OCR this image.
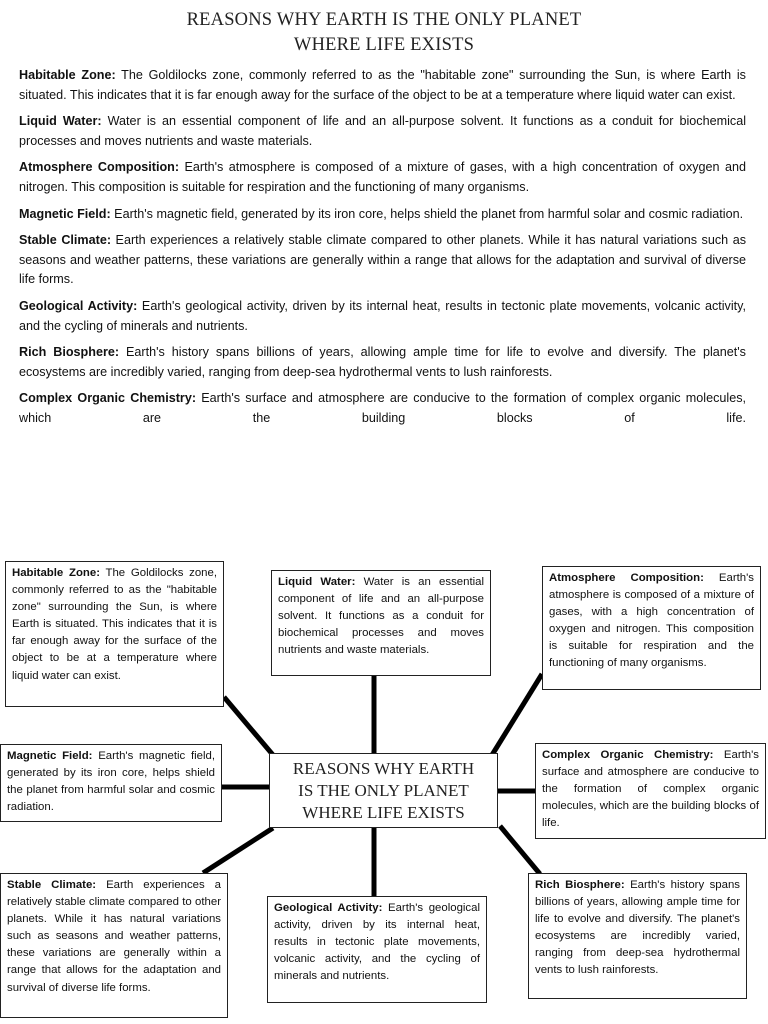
REASONS WHY EARTH IS THE ONLY PLANET
WHERE LIFE EXISTS

Habitable Zone: The Goldilocks zone, commonly referred to as the "habitable zone" surrounding the Sun, is where Earth is situated. This indicates that it is far enough away for the surface of the object to be at a temperature where liquid water can exist.

Liquid Water: Water is an essential component of life and an all-purpose solvent. It functions as a conduit for biochemical processes and moves nutrients and waste materials.

Atmosphere Composition: Earth's atmosphere is composed of a mixture of gases, with a high concentration of oxygen and nitrogen. This composition is suitable for respiration and the functioning of many organisms.

Magnetic Field: Earth's magnetic field, generated by its iron core, helps shield the planet from harmful solar and cosmic radiation.

Stable Climate: Earth experiences a relatively stable climate compared to other planets. While it has natural variations such as seasons and weather patterns, these variations are generally within a range that allows for the adaptation and survival of diverse life forms.

Geological Activity: Earth's geological activity, driven by its internal heat, results in tectonic plate movements, volcanic activity, and the cycling of minerals and nutrients.

Rich Biosphere: Earth's history spans billions of years, allowing ample time for life to evolve and diversify. The planet's ecosystems are incredibly varied, ranging from deep-sea hydrothermal vents to lush rainforests.

Complex Organic Chemistry: Earth's surface and atmosphere are conducive to the formation of complex organic molecules, which are the building blocks of life.

Habitable Zone: The Goldilocks zone, commonly referred to as the "habitable zone" surrounding the Sun, is where Earth is situated. This indicates that it is far enough away for the surface of the object to be at a temperature where liquid water can exist.
Liquid Water: Water is an essential component of life and an all-purpose solvent. It functions as a conduit for biochemical processes and moves nutrients and waste materials.
Atmosphere Composition: Earth's atmosphere is composed of a mixture of gases, with a high concentration of oxygen and nitrogen. This composition is suitable for respiration and the functioning of many organisms.
Magnetic Field: Earth's magnetic field, generated by its iron core, helps shield the planet from harmful solar and cosmic radiation.
REASONS WHY EARTH
IS THE ONLY PLANET
WHERE LIFE EXISTS
Complex Organic Chemistry: Earth's surface and atmosphere are conducive to the formation of complex organic molecules, which are the building blocks of life.
Stable Climate: Earth experiences a relatively stable climate compared to other planets. While it has natural variations such as seasons and weather patterns, these variations are generally within a range that allows for the adaptation and survival of diverse life forms.
Geological Activity: Earth's geological activity, driven by its internal heat, results in tectonic plate movements, volcanic activity, and the cycling of minerals and nutrients.
Rich Biosphere: Earth's history spans billions of years, allowing ample time for life to evolve and diversify. The planet's ecosystems are incredibly varied, ranging from deep-sea hydrothermal vents to lush rainforests.
